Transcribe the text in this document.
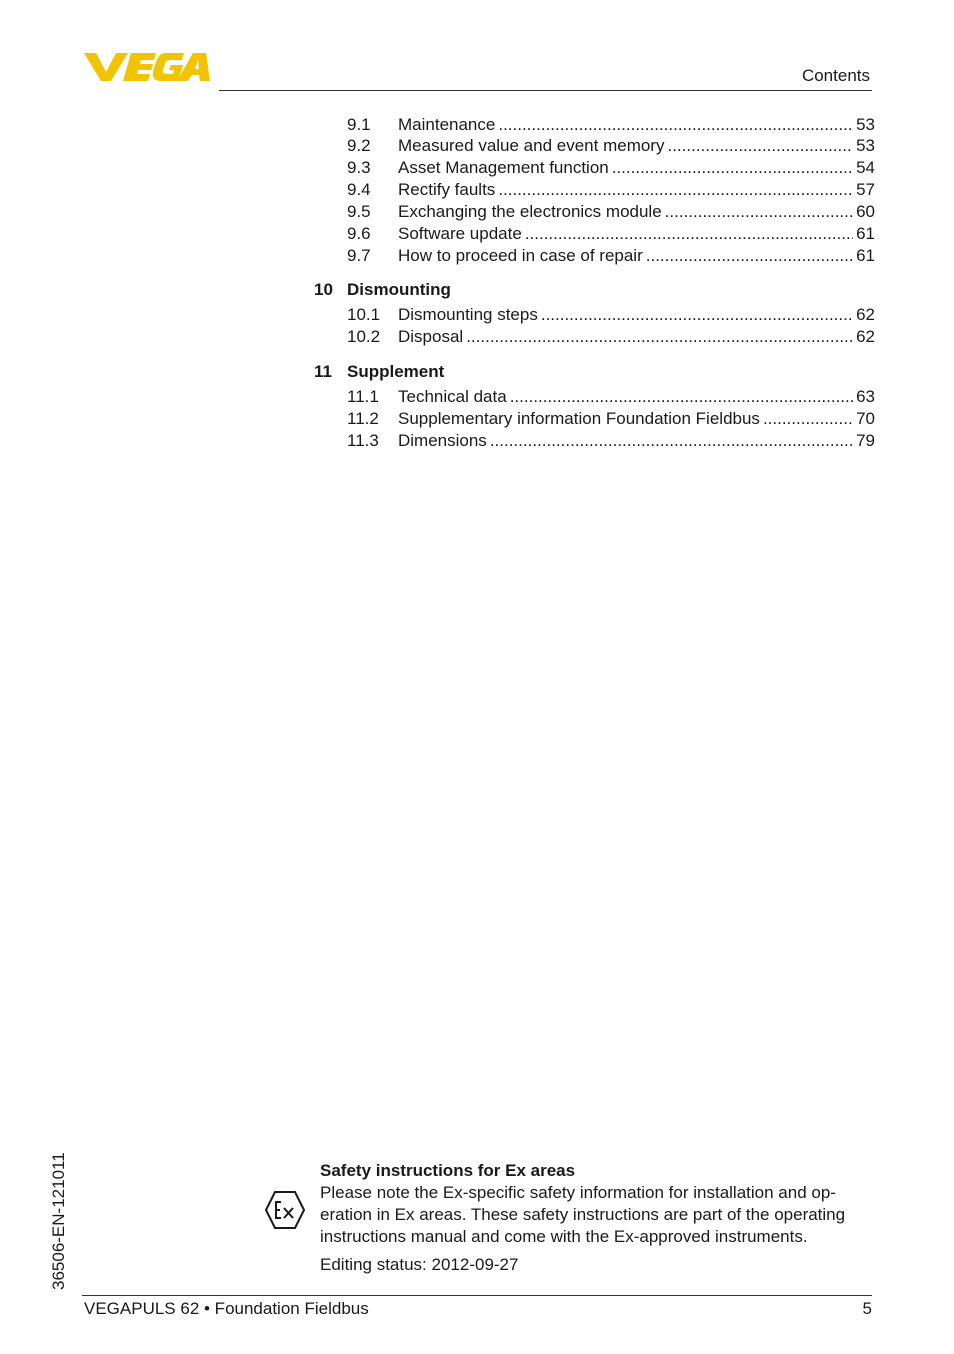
Contents
9.1	Maintenance .....	53
9.2	Measured value and event memory .....	53
9.3	Asset Management function .....	54
9.4	Rectify faults .....	57
9.5	Exchanging the electronics module .....	60
9.6	Software update .....	61
9.7	How to proceed in case of repair .....	61
10 Dismounting
10.1	Dismounting steps .....	62
10.2	Disposal .....	62
11 Supplement
11.1	Technical data .....	63
11.2	Supplementary information Foundation Fieldbus .....	70
11.3	Dimensions .....	79
36506-EN-121011	Safety instructions for Ex areas
Please note the Ex-specific safety information for installation and op-
eration in Ex areas. These safety instructions are part of the operating
instructions manual and come with the Ex-approved instruments.
Editing status: 2012-09-27
VEGAPULS 62 • Foundation Fieldbus	5
